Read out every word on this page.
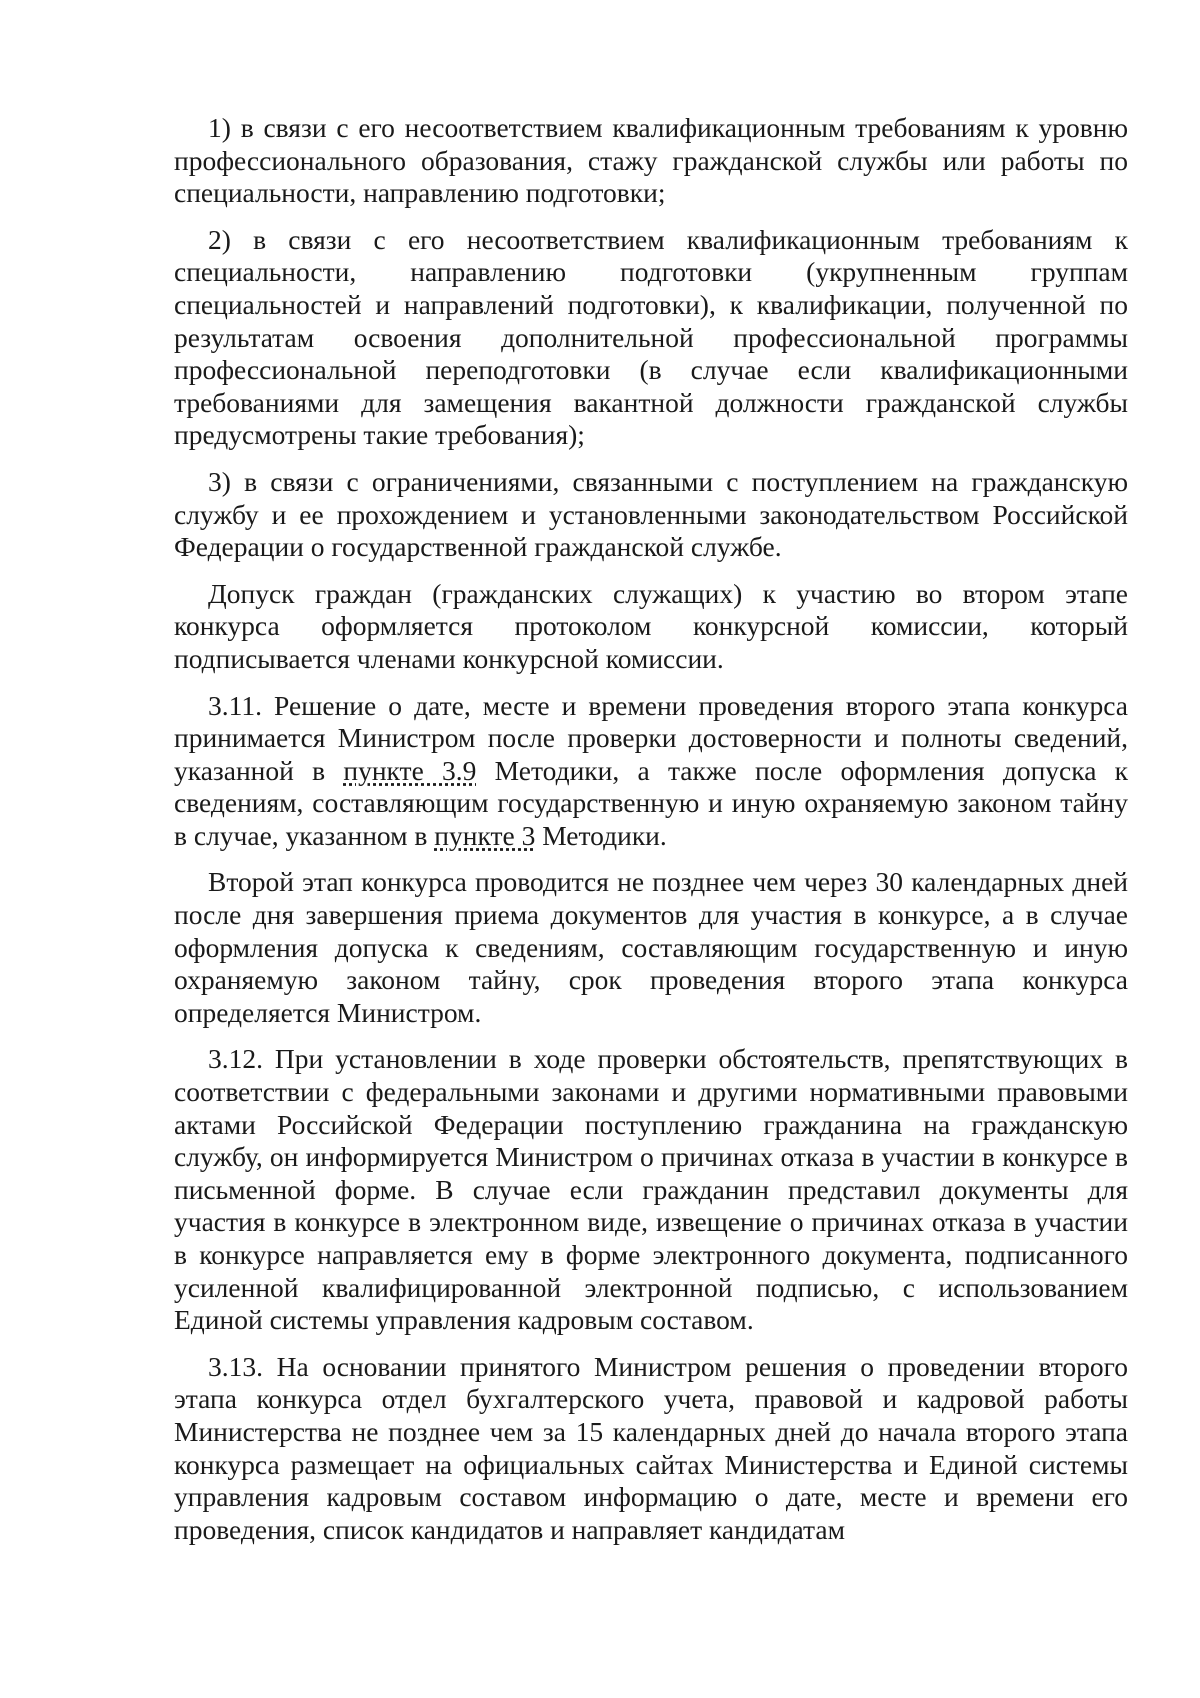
1) в связи с его несоответствием квалификационным требованиям к уровню профессионального образования, стажу гражданской службы или работы по специальности, направлению подготовки;

2) в связи с его несоответствием квалификационным требованиям к специальности, направлению подготовки (укрупненным группам специальностей и направлений подготовки), к квалификации, полученной по результатам освоения дополнительной профессиональной программы профессиональной переподготовки (в случае если квалификационными требованиями для замещения вакантной должности гражданской службы предусмотрены такие требования);

3) в связи с ограничениями, связанными с поступлением на гражданскую службу и ее прохождением и установленными законодательством Российской Федерации о государственной гражданской службе.

Допуск граждан (гражданских служащих) к участию во втором этапе конкурса оформляется протоколом конкурсной комиссии, который подписывается членами конкурсной комиссии.

3.11. Решение о дате, месте и времени проведения второго этапа конкурса принимается Министром после проверки достоверности и полноты сведений, указанной в пункте 3.9 Методики, а также после оформления допуска к сведениям, составляющим государственную и иную охраняемую законом тайну в случае, указанном в пункте 3 Методики.

Второй этап конкурса проводится не позднее чем через 30 календарных дней после дня завершения приема документов для участия в конкурсе, а в случае оформления допуска к сведениям, составляющим государственную и иную охраняемую законом тайну, срок проведения второго этапа конкурса определяется Министром.

3.12. При установлении в ходе проверки обстоятельств, препятствующих в соответствии с федеральными законами и другими нормативными правовыми актами Российской Федерации поступлению гражданина на гражданскую службу, он информируется Министром о причинах отказа в участии в конкурсе в письменной форме. В случае если гражданин представил документы для участия в конкурсе в электронном виде, извещение о причинах отказа в участии в конкурсе направляется ему в форме электронного документа, подписанного усиленной квалифицированной электронной подписью, с использованием Единой системы управления кадровым составом.

3.13. На основании принятого Министром решения о проведении второго этапа конкурса отдел бухгалтерского учета, правовой и кадровой работы Министерства не позднее чем за 15 календарных дней до начала второго этапа конкурса размещает на официальных сайтах Министерства и Единой системы управления кадровым составом информацию о дате, месте и времени его проведения, список кандидатов и направляет кандидатам
